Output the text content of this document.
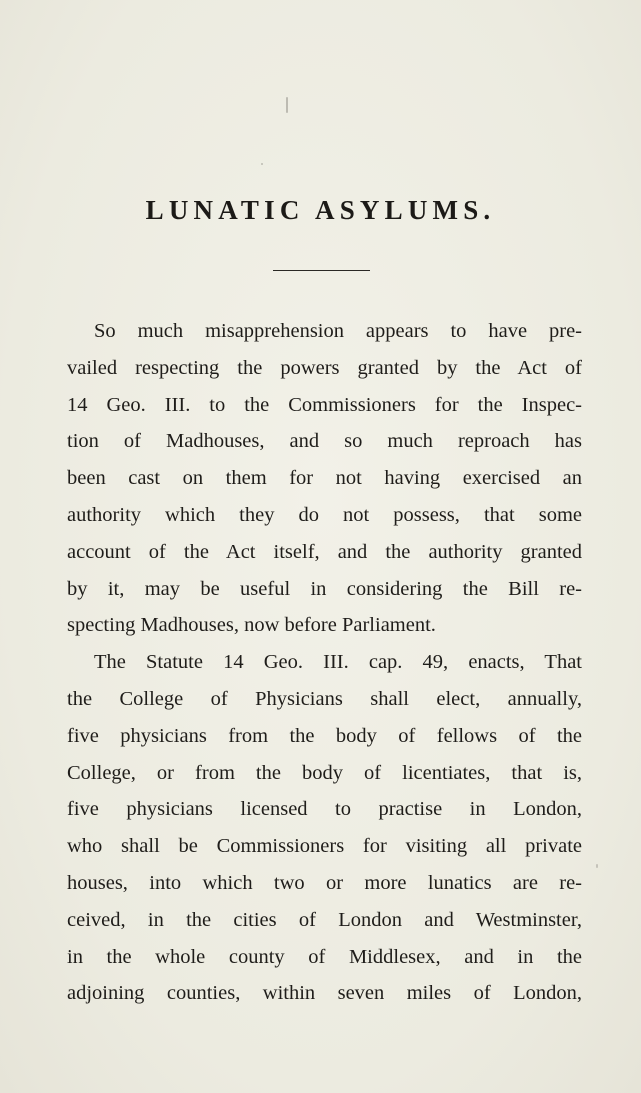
LUNATIC ASYLUMS.
So much misapprehension appears to have pre-
vailed respecting the powers granted by the Act of
14 Geo. III. to the Commissioners for the Inspec-
tion of Madhouses, and so much reproach has
been cast on them for not having exercised an
authority which they do not possess, that some
account of the Act itself, and the authority granted
by it, may be useful in considering the Bill re-
specting Madhouses, now before Parliament.
The Statute 14 Geo. III. cap. 49, enacts, That
the College of Physicians shall elect, annually,
five physicians from the body of fellows of the
College, or from the body of licentiates, that is,
five physicians licensed to practise in London,
who shall be Commissioners for visiting all private
houses, into which two or more lunatics are re-
ceived, in the cities of London and Westminster,
in the whole county of Middlesex, and in the
adjoining counties, within seven miles of London,
